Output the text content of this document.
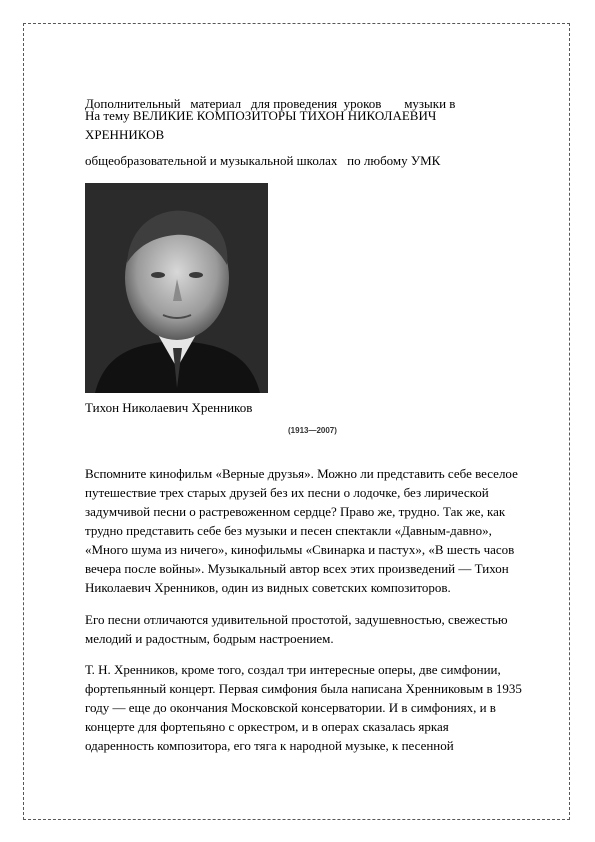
Дополнительный   материал   для проведения  уроков       музыки в

общеобразовательной и музыкальной школах   по любому УМК

На тему ВЕЛИКИЕ КОМПОЗИТОРЫ ТИХОН НИКОЛАЕВИЧ ХРЕННИКОВ
Тихон Николаевич Хренников
(1913—2007)
Вспомните кинофильм «Верные друзья». Можно ли представить себе веселое
путешествие трех старых друзей без их песни о лодочке, без лирической
задумчивой песни о растревоженном сердце? Право же, трудно. Так же, как
трудно представить себе без музыки и песен спектакли «Давным-давно»,
«Много шума из ничего», кинофильмы «Свинарка и пастух», «В шесть часов
вечера после войны». Музыкальный автор всех этих произведений — Тихон
Николаевич Хренников, один из видных советских композиторов.
Его песни отличаются удивительной простотой, задушевностью, свежестью
мелодий и радостным, бодрым настроением.
Т. Н. Хренников, кроме того, создал три интересные оперы, две симфонии,
фортепьянный концерт. Первая симфония была написана Хренниковым в 1935
году — еще до окончания Московской консерватории. И в симфониях, и в
концерте для фортепьяно с оркестром, и в операх сказалась яркая
одаренность композитора, его тяга к народной музыке, к песенной
